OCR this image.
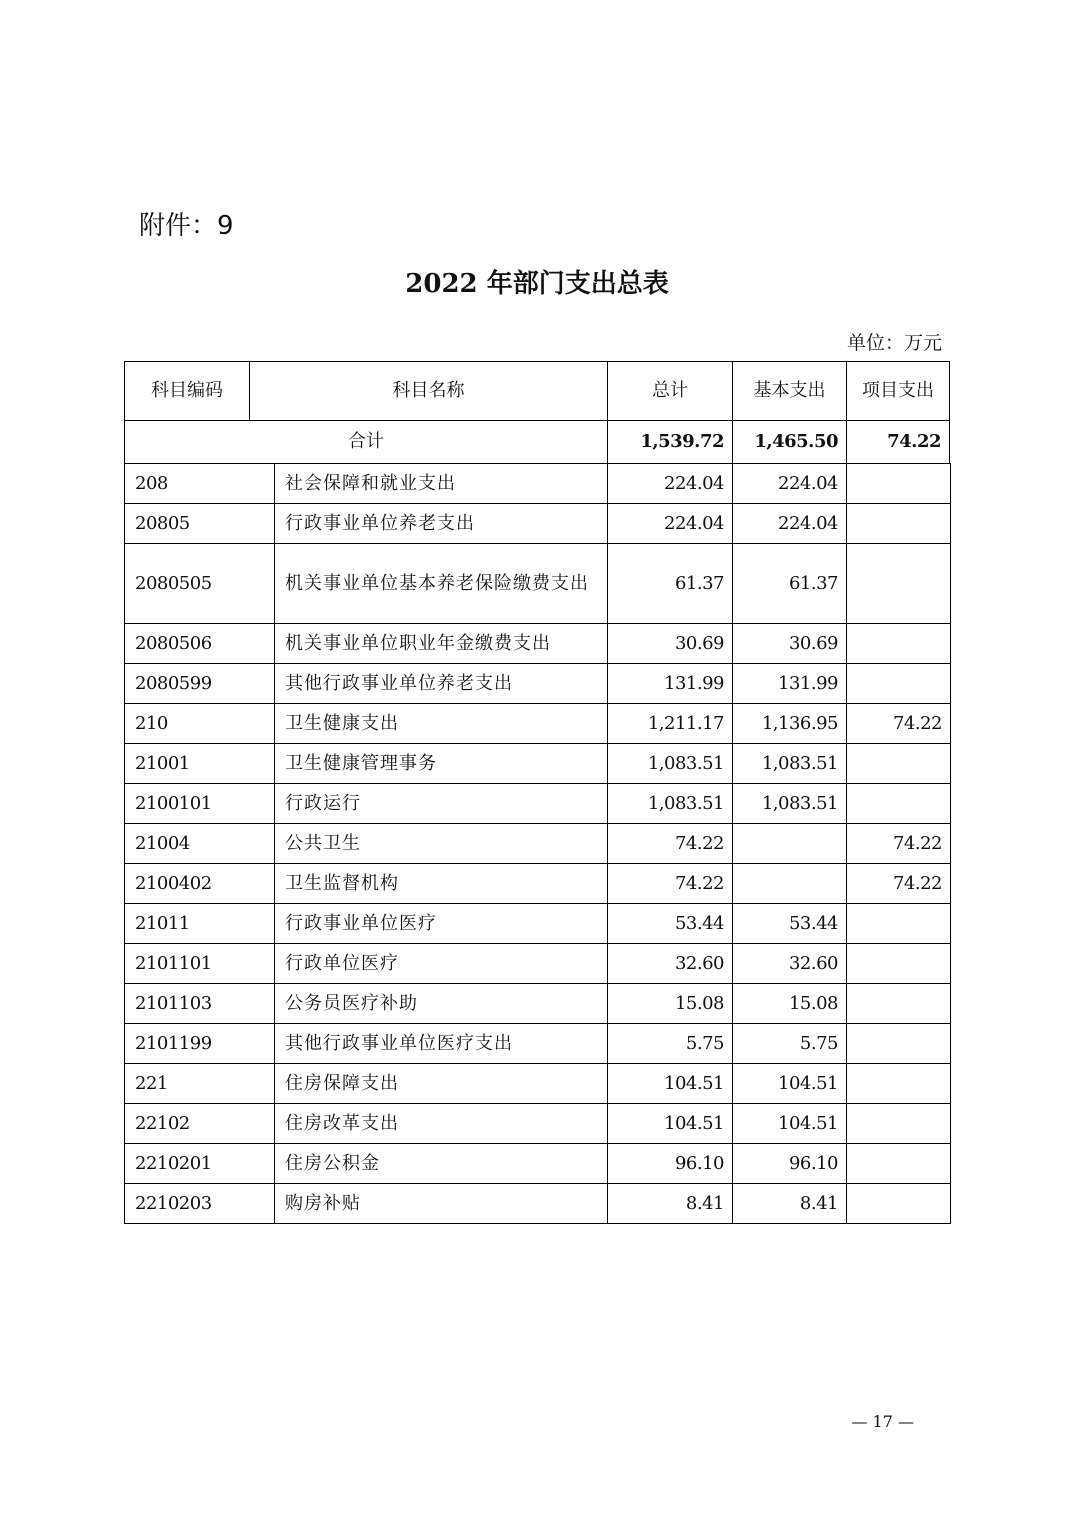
附件：9
2022 年部门支出总表
单位：万元
科目编码	科目名称	总计	基本支出	项目支出
合计	1,539.72	1,465.50	74.22
208	社会保障和就业支出	224.04	224.04	
20805	行政事业单位养老支出	224.04	224.04	
2080505	机关事业单位基本养老保险缴费支出	61.37	61.37	
2080506	机关事业单位职业年金缴费支出	30.69	30.69	
2080599	其他行政事业单位养老支出	131.99	131.99	
210	卫生健康支出	1,211.17	1,136.95	74.22
21001	卫生健康管理事务	1,083.51	1,083.51	
2100101	行政运行	1,083.51	1,083.51	
21004	公共卫生	74.22		74.22
2100402	卫生监督机构	74.22		74.22
21011	行政事业单位医疗	53.44	53.44	
2101101	行政单位医疗	32.60	32.60	
2101103	公务员医疗补助	15.08	15.08	
2101199	其他行政事业单位医疗支出	5.75	5.75	
221	住房保障支出	104.51	104.51	
22102	住房改革支出	104.51	104.51	
2210201	住房公积金	96.10	96.10	
2210203	购房补贴	8.41	8.41	
— 17 —
